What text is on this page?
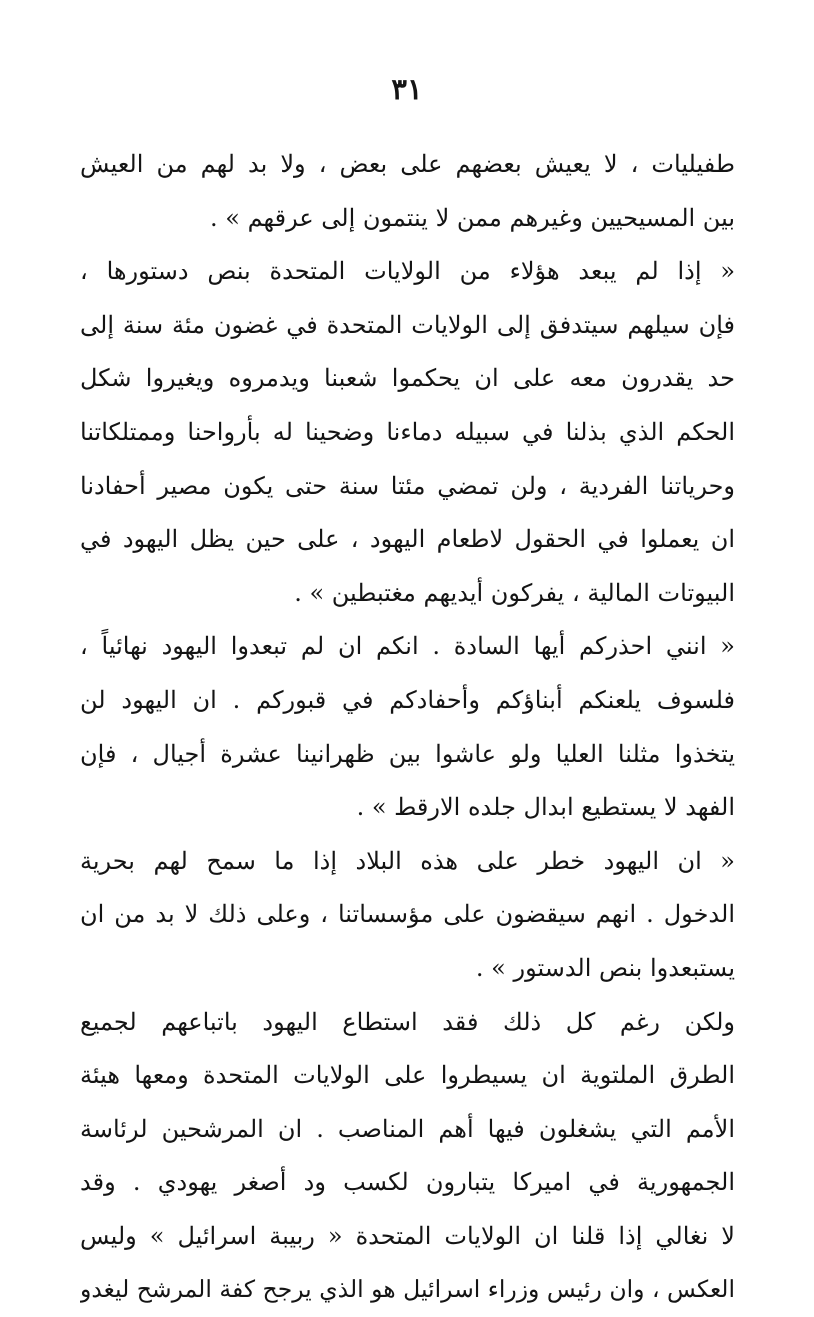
٣١
طفيليات ، لا يعيش بعضهم على بعض ، ولا بد لهم من العيش
بين المسيحيين وغيرهم ممن لا ينتمون إلى عرقهم » .
« إذا لم يبعد هؤلاء من الولايات المتحدة بنص دستورها ،
فإن سيلهم سيتدفق إلى الولايات المتحدة في غضون مئة سنة إلى
حد يقدرون معه على ان يحكموا شعبنا ويدمروه ويغيروا شكل
الحكم الذي بذلنا في سبيله دماءنا وضحينا له بأرواحنا وممتلكاتنا
وحرياتنا الفردية ، ولن تمضي مئتا سنة حتى يكون مصير أحفادنا
ان يعملوا في الحقول لاطعام اليهود ، على حين يظل اليهود في
البيوتات المالية ، يفركون أيديهم مغتبطين » .
« انني احذركم أيها السادة . انكم ان لم تبعدوا اليهود نهائياً ،
فلسوف يلعنكم أبناؤكم وأحفادكم في قبوركم . ان اليهود لن
يتخذوا مثلنا العليا ولو عاشوا بين ظهرانينا عشرة أجيال ، فإن
الفهد لا يستطيع ابدال جلده الارقط » .
« ان اليهود خطر على هذه البلاد إذا ما سمح لهم بحرية
الدخول . انهم سيقضون على مؤسساتنا ، وعلى ذلك لا بد من ان
يستبعدوا بنص الدستور » .
ولكن رغم كل ذلك فقد استطاع اليهود باتباعهم لجميع
الطرق الملتوية ان يسيطروا على الولايات المتحدة ومعها هيئة
الأمم التي يشغلون فيها أهم المناصب . ان المرشحين لرئاسة
الجمهورية في اميركا يتبارون لكسب ود أصغر يهودي . وقد
لا نغالي إذا قلنا ان الولايات المتحدة « ربيبة اسرائيل » وليس
العكس ، وان رئيس وزراء اسرائيل هو الذي يرجح كفة المرشح ليغدو
